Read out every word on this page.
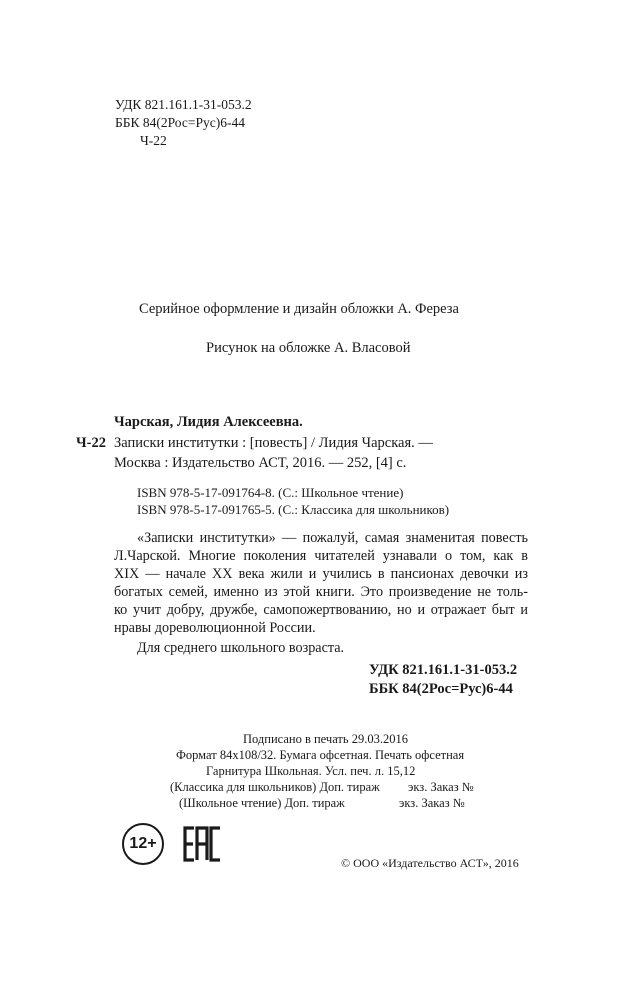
УДК 821.161.1-31-053.2
ББК 84(2Рос=Рус)6-44
Ч-22
Серийное оформление и дизайн обложки А. Фереза
Рисунок на обложке А. Власовой
Чарская, Лидия Алексеевна.
Ч-22 Записки институтки : [повесть] / Лидия Чарская. —
Москва : Издательство АСТ, 2016. — 252, [4] с.
ISBN 978-5-17-091764-8. (С.: Школьное чтение)
ISBN 978-5-17-091765-5. (С.: Классика для школьников)
«Записки институтки» — пожалуй, самая знаменитая повесть
Л.Чарской. Многие поколения читателей узнавали о том, как в
XIX — начале XX века жили и учились в пансионах девочки из
богатых семей, именно из этой книги. Это произведение не толь-
ко учит добру, дружбе, самопожертвованию, но и отражает быт и
нравы дореволюционной России.
Для среднего школьного возраста.
УДК 821.161.1-31-053.2
ББК 84(2Рос=Рус)6-44
Подписано в печать 29.03.2016
Формат 84x108/32. Бумага офсетная. Печать офсетная
Гарнитура Школьная. Усл. печ. л. 15,12
(Классика для школьников) Доп. тираж экз. Заказ №
(Школьное чтение) Доп. тираж	экз. Заказ №
12+
© ООО «Издательство АСТ», 2016
